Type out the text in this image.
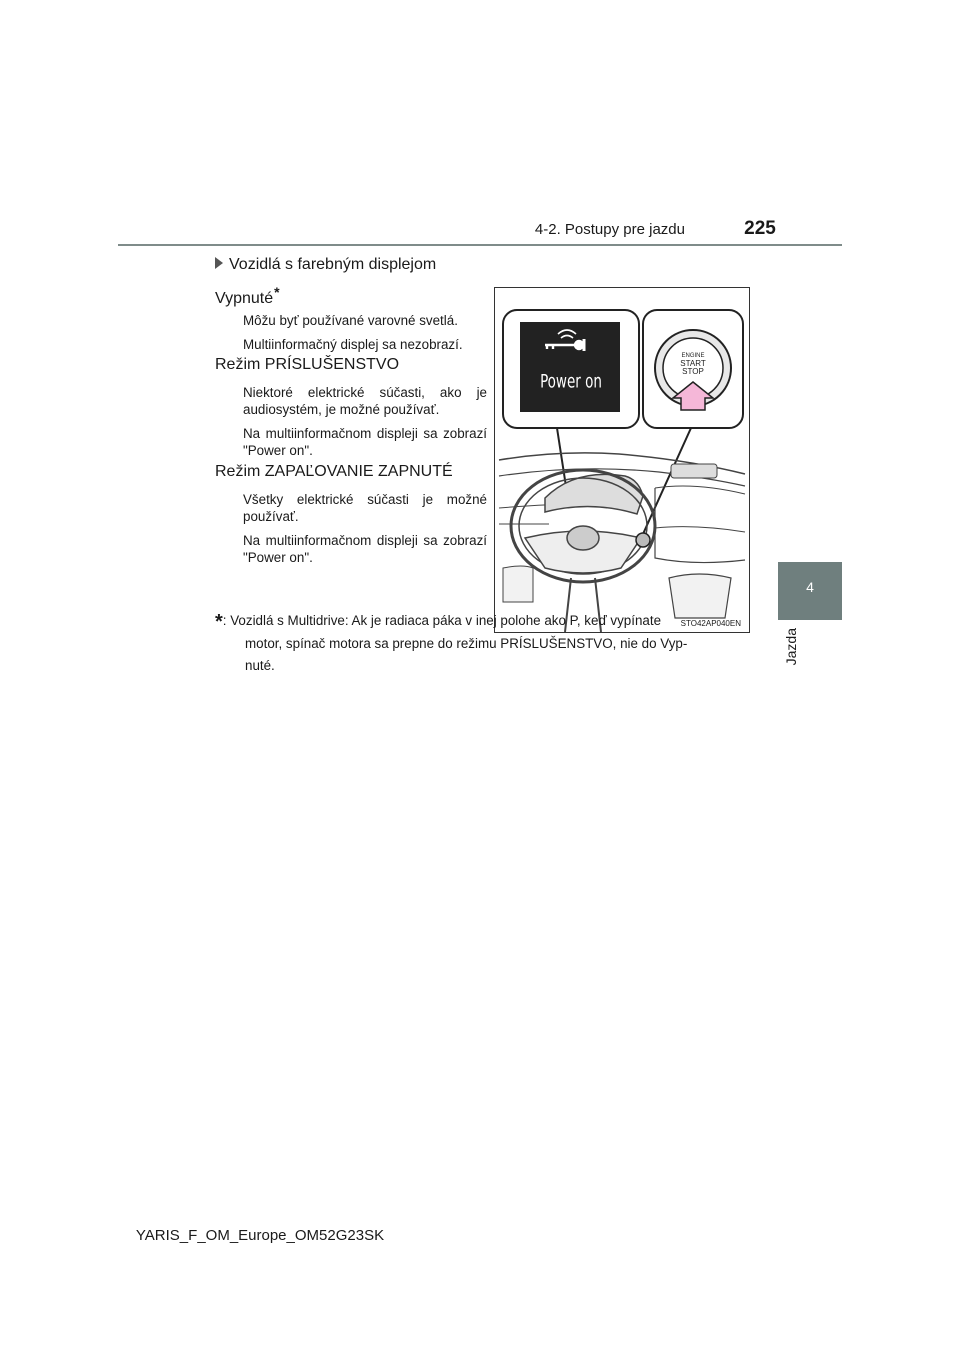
4-2. Postupy pre jazdu	225
4
Jazda
Vozidlá s farebným displejom
Vypnuté*
Môžu byť používané varovné svetlá.
Multiinformačný displej sa nezobrazí.
Režim PRÍSLUŠENSTVO
Niektoré elektrické súčasti, ako je audiosystém, je možné používať.
Na multiinformačnom displeji sa zobrazí "Power on".
Režim ZAPAĽOVANIE ZAPNUTÉ
Všetky elektrické súčasti je možné používať.
Na multiinformačnom displeji sa zobrazí "Power on".
Power on
ENGINE
START
STOP
STO42AP040EN
*: Vozidlá s Multidrive: Ak je radiaca páka v inej polohe ako P, keď vypínate
motor, spínač motora sa prepne do režimu PRÍSLUŠENSTVO, nie do Vyp-
nuté.
YARIS_F_OM_Europe_OM52G23SK
